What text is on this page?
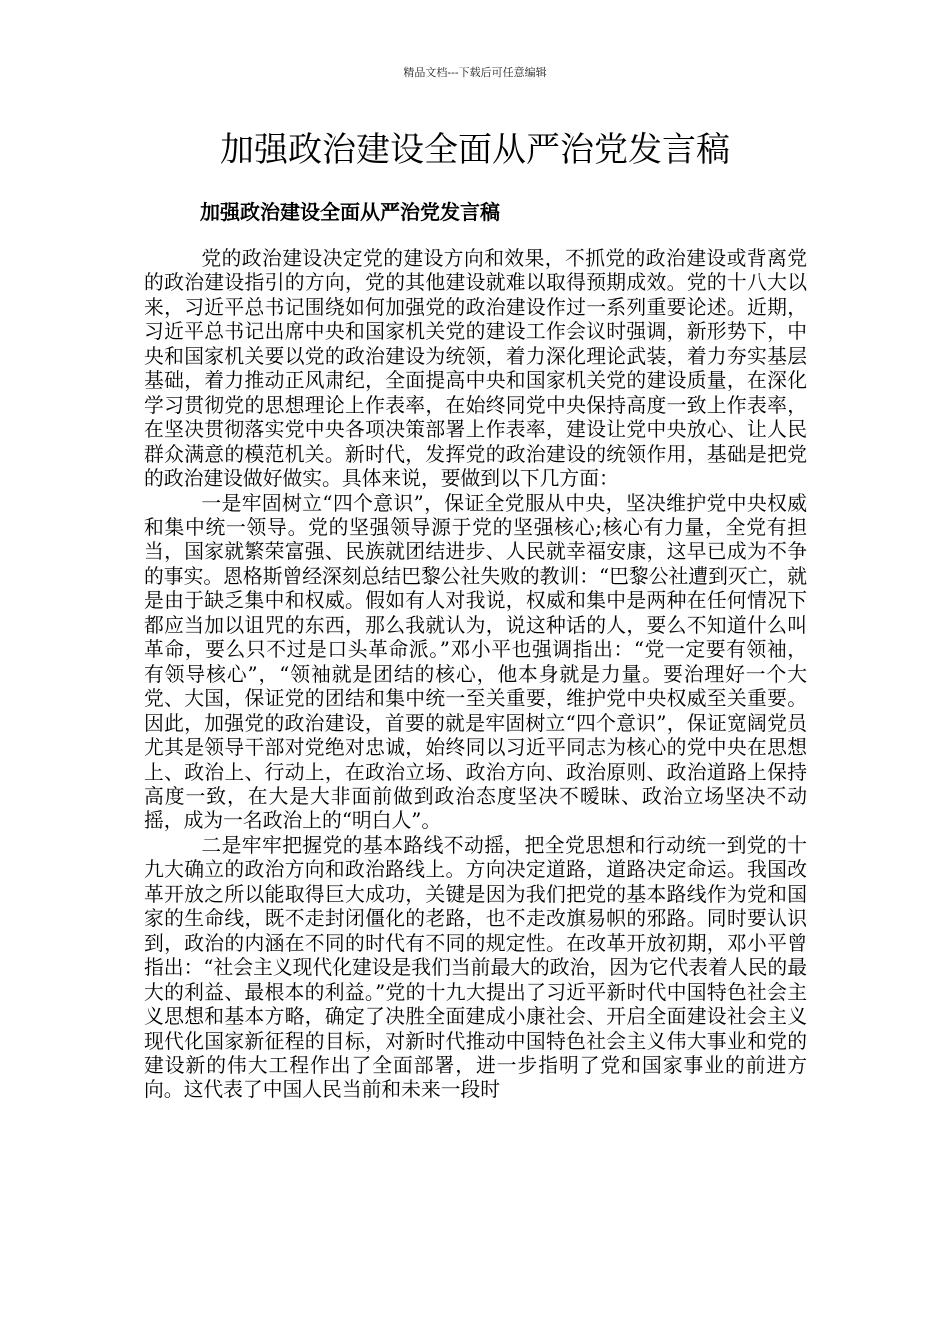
精品文档---下载后可任意编辑
加强政治建设全面从严治党发言稿
加强政治建设全面从严治党发言稿

党的政治建设决定党的建设方向和效果，不抓党的政治建设或背离党的政治建设指引的方向，党的其他建设就难以取得预期成效。党的十八大以来，习近平总书记围绕如何加强党的政治建设作过一系列重要论述。近期，习近平总书记出席中央和国家机关党的建设工作会议时强调，新形势下，中央和国家机关要以党的政治建设为统领，着力深化理论武装，着力夯实基层基础，着力推动正风肃纪，全面提高中央和国家机关党的建设质量，在深化学习贯彻党的思想理论上作表率，在始终同党中央保持高度一致上作表率，在坚决贯彻落实党中央各项决策部署上作表率，建设让党中央放心、让人民群众满意的模范机关。新时代，发挥党的政治建设的统领作用，基础是把党的政治建设做好做实。具体来说，要做到以下几方面：

一是牢固树立“四个意识”，保证全党服从中央，坚决维护党中央权威和集中统一领导。党的坚强领导源于党的坚强核心;核心有力量，全党有担当，国家就繁荣富强、民族就团结进步、人民就幸福安康，这早已成为不争的事实。恩格斯曾经深刻总结巴黎公社失败的教训：“巴黎公社遭到灭亡，就是由于缺乏集中和权威。假如有人对我说，权威和集中是两种在任何情况下都应当加以诅咒的东西，那么我就认为，说这种话的人，要么不知道什么叫革命，要么只不过是口头革命派。”邓小平也强调指出：“党一定要有领袖，有领导核心”，“领袖就是团结的核心，他本身就是力量。要治理好一个大党、大国，保证党的团结和集中统一至关重要，维护党中央权威至关重要。因此，加强党的政治建设，首要的就是牢固树立“四个意识”，保证宽阔党员尤其是领导干部对党绝对忠诚，始终同以习近平同志为核心的党中央在思想上、政治上、行动上，在政治立场、政治方向、政治原则、政治道路上保持高度一致，在大是大非面前做到政治态度坚决不暧昧、政治立场坚决不动摇，成为一名政治上的“明白人”。

二是牢牢把握党的基本路线不动摇，把全党思想和行动统一到党的十九大确立的政治方向和政治路线上。方向决定道路，道路决定命运。我国改革开放之所以能取得巨大成功，关键是因为我们把党的基本路线作为党和国家的生命线，既不走封闭僵化的老路，也不走改旗易帜的邪路。同时要认识到，政治的内涵在不同的时代有不同的规定性。在改革开放初期，邓小平曾指出：“社会主义现代化建设是我们当前最大的政治，因为它代表着人民的最大的利益、最根本的利益。”党的十九大提出了习近平新时代中国特色社会主义思想和基本方略，确定了决胜全面建成小康社会、开启全面建设社会主义现代化国家新征程的目标，对新时代推动中国特色社会主义伟大事业和党的建设新的伟大工程作出了全面部署，进一步指明了党和国家事业的前进方向。这代表了中国人民当前和未来一段时
